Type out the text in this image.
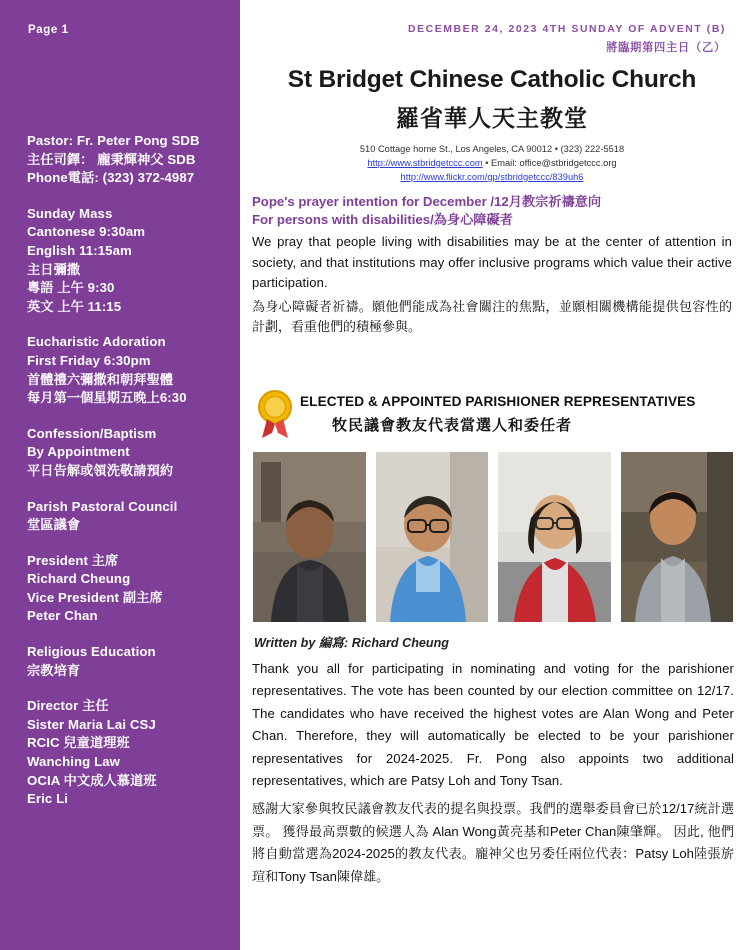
Page 1
Pastor: Fr. Peter Pong SDB
主任司鐸： 龐秉輝神父 SDB
Phone電話: (323) 372-4987
Sunday Mass
Cantonese 9:30am
English 11:15am
主日彌撒
粵語 上午 9:30
英文 上午 11:15
Eucharistic Adoration
First Friday 6:30pm
首體禮六彌撒和朝拜聖體
每月第一個星期五晚上6:30
Confession/Baptism
By Appointment
平日告解或領洗敬請預約
Parish Pastoral Council
堂區議會
President 主席
Richard Cheung
Vice President 副主席
Peter Chan
Religious Education
宗教培育
Director 主任
Sister Maria Lai CSJ
RCIC 兒童道理班
Wanching Law
OCIA 中文成人慕道班
Eric Li
DECEMBER 24, 2023 4TH SUNDAY OF ADVENT (B)
將臨期第四主日（乙）
St Bridget Chinese Catholic Church
羅省華人天主教堂
510 Cottage home St., Los Angeles, CA 90012 • (323) 222-5518
http://www.stbridgetccc.com • Email: office@stbridgetccc.org
http://www.flickr.com/gp/stbridgetccc/839uh6
Pope's prayer intention for December /12月教宗祈禱意向
For persons with disabilities/為身心障礙者
We pray that people living with disabilities may be at the center of attention in society, and that institutions may offer inclusive programs which value their active participation.
為身心障礙者祈禱。願他們能成為社會關注的焦點，並願相關機構能提供包容性的計劃，看重他們的積極參與。
ELECTED & APPOINTED PARISHIONER REPRESENTATIVES
牧民議會教友代表當選人和委任者
Written by 編寫: Richard Cheung

Thank you all for participating in nominating and voting for the parishioner representatives. The vote has been counted by our election committee on 12/17. The candidates who have received the highest votes are Alan Wong and Peter Chan. Therefore, they will automatically be elected to be your parishioner representatives for 2024-2025. Fr. Pong also appoints two additional representatives, which are Patsy Loh and Tony Tsan.

感謝大家參與牧民議會教友代表的提名與投票。我們的選舉委員會已於12/17統計選票。 獲得最高票數的候選人為 Alan Wong黃亮基和Peter Chan陳肇輝。 因此, 他們將自動當選為2024-2025的教友代表。龐神父也另委任兩位代表：Patsy Loh陸張旂瑄和Tony Tsan陳偉雄。
